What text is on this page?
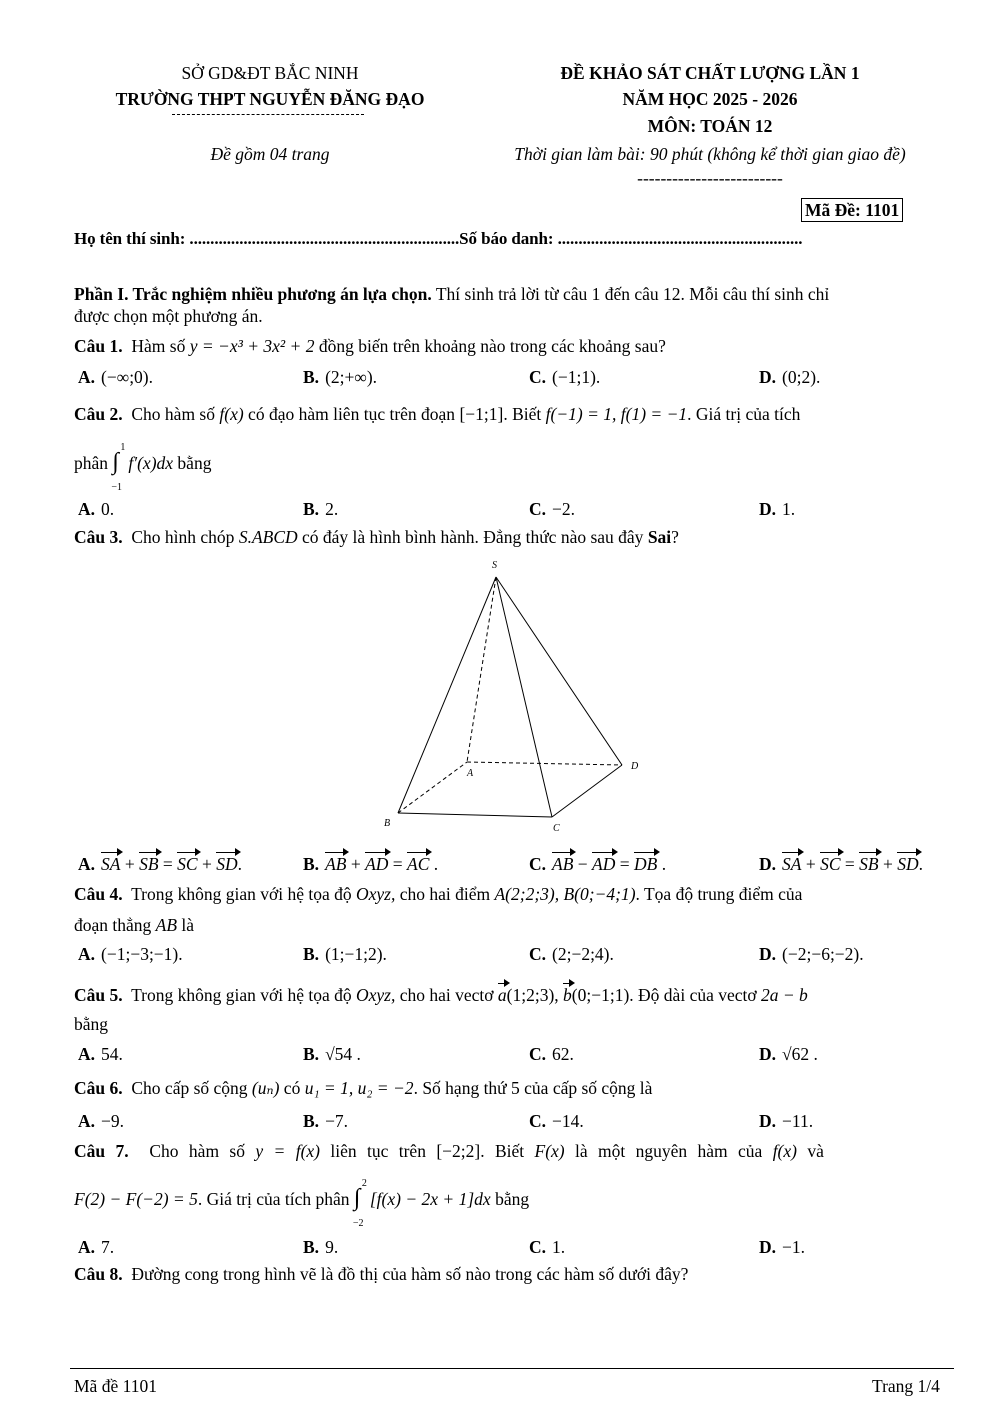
SỞ GD&ĐT BẮC NINH
TRƯỜNG THPT NGUYỄN ĐĂNG ĐẠO
Đề gồm 04 trang
ĐỀ KHẢO SÁT CHẤT LƯỢNG LẦN 1
NĂM HỌC 2025 - 2026
MÔN: TOÁN 12
Thời gian làm bài: 90 phút (không kể thời gian giao đề)
-------------------------
Mã Đề: 1101
Họ tên thí sinh: .................................................................Số báo danh: ...........................................................
Phần I. Trắc nghiệm nhiều phương án lựa chọn. Thí sinh trả lời từ câu 1 đến câu 12. Mỗi câu thí sinh chỉ
được chọn một phương án.
Câu 1. Hàm số y = −x³ + 3x² + 2 đồng biến trên khoảng nào trong các khoảng sau?
A. (−∞;0).	B. (2;+∞).	C. (−1;1).	D. (0;2).
Câu 2. Cho hàm số f(x) có đạo hàm liên tục trên đoạn [−1;1]. Biết f(−1) = 1, f(1) = −1. Giá trị của tích
phân ∫
1
−1
f′(x)dx bằng
A. 0.	B. 2.	C. −2.	D. 1.
Câu 3. Cho hình chóp S.ABCD có đáy là hình bình hành. Đẳng thức nào sau đây Sai?
S
A
B	C
D
A. SA + SB = SC + SD.	B. AB + AD = AC .	C. AB − AD = DB .	D. SA + SC = SB + SD.
Câu 4. Trong không gian với hệ tọa độ Oxyz, cho hai điểm A(2;2;3), B(0;−4;1). Tọa độ trung điểm của
đoạn thẳng AB là
A. (−1;−3;−1).	B. (1;−1;2).	C. (2;−2;4).	D. (−2;−6;−2).
Câu 5. Trong không gian với hệ tọa độ Oxyz, cho hai vectơ a(1;2;3), b(0;−1;1). Độ dài của vectơ 2a − b
bằng
A. 54.	B. √54 .	C. 62.	D. √62 .
Câu 6. Cho cấp số cộng (uₙ) có u₁ = 1, u₂ = −2. Số hạng thứ 5 của cấp số cộng là
A. −9.	B. −7.	C. −14.	D. −11.
Câu 7. Cho hàm số y = f(x) liên tục trên [−2;2]. Biết F(x) là một nguyên hàm của f(x) và
F(2) − F(−2) = 5. Giá trị của tích phân ∫
2
−2
[f(x) − 2x + 1]dx bằng
A. 7.	B. 9.	C. 1.	D. −1.
Câu 8. Đường cong trong hình vẽ là đồ thị của hàm số nào trong các hàm số dưới đây?
Mã đề 1101	Trang 1/4
